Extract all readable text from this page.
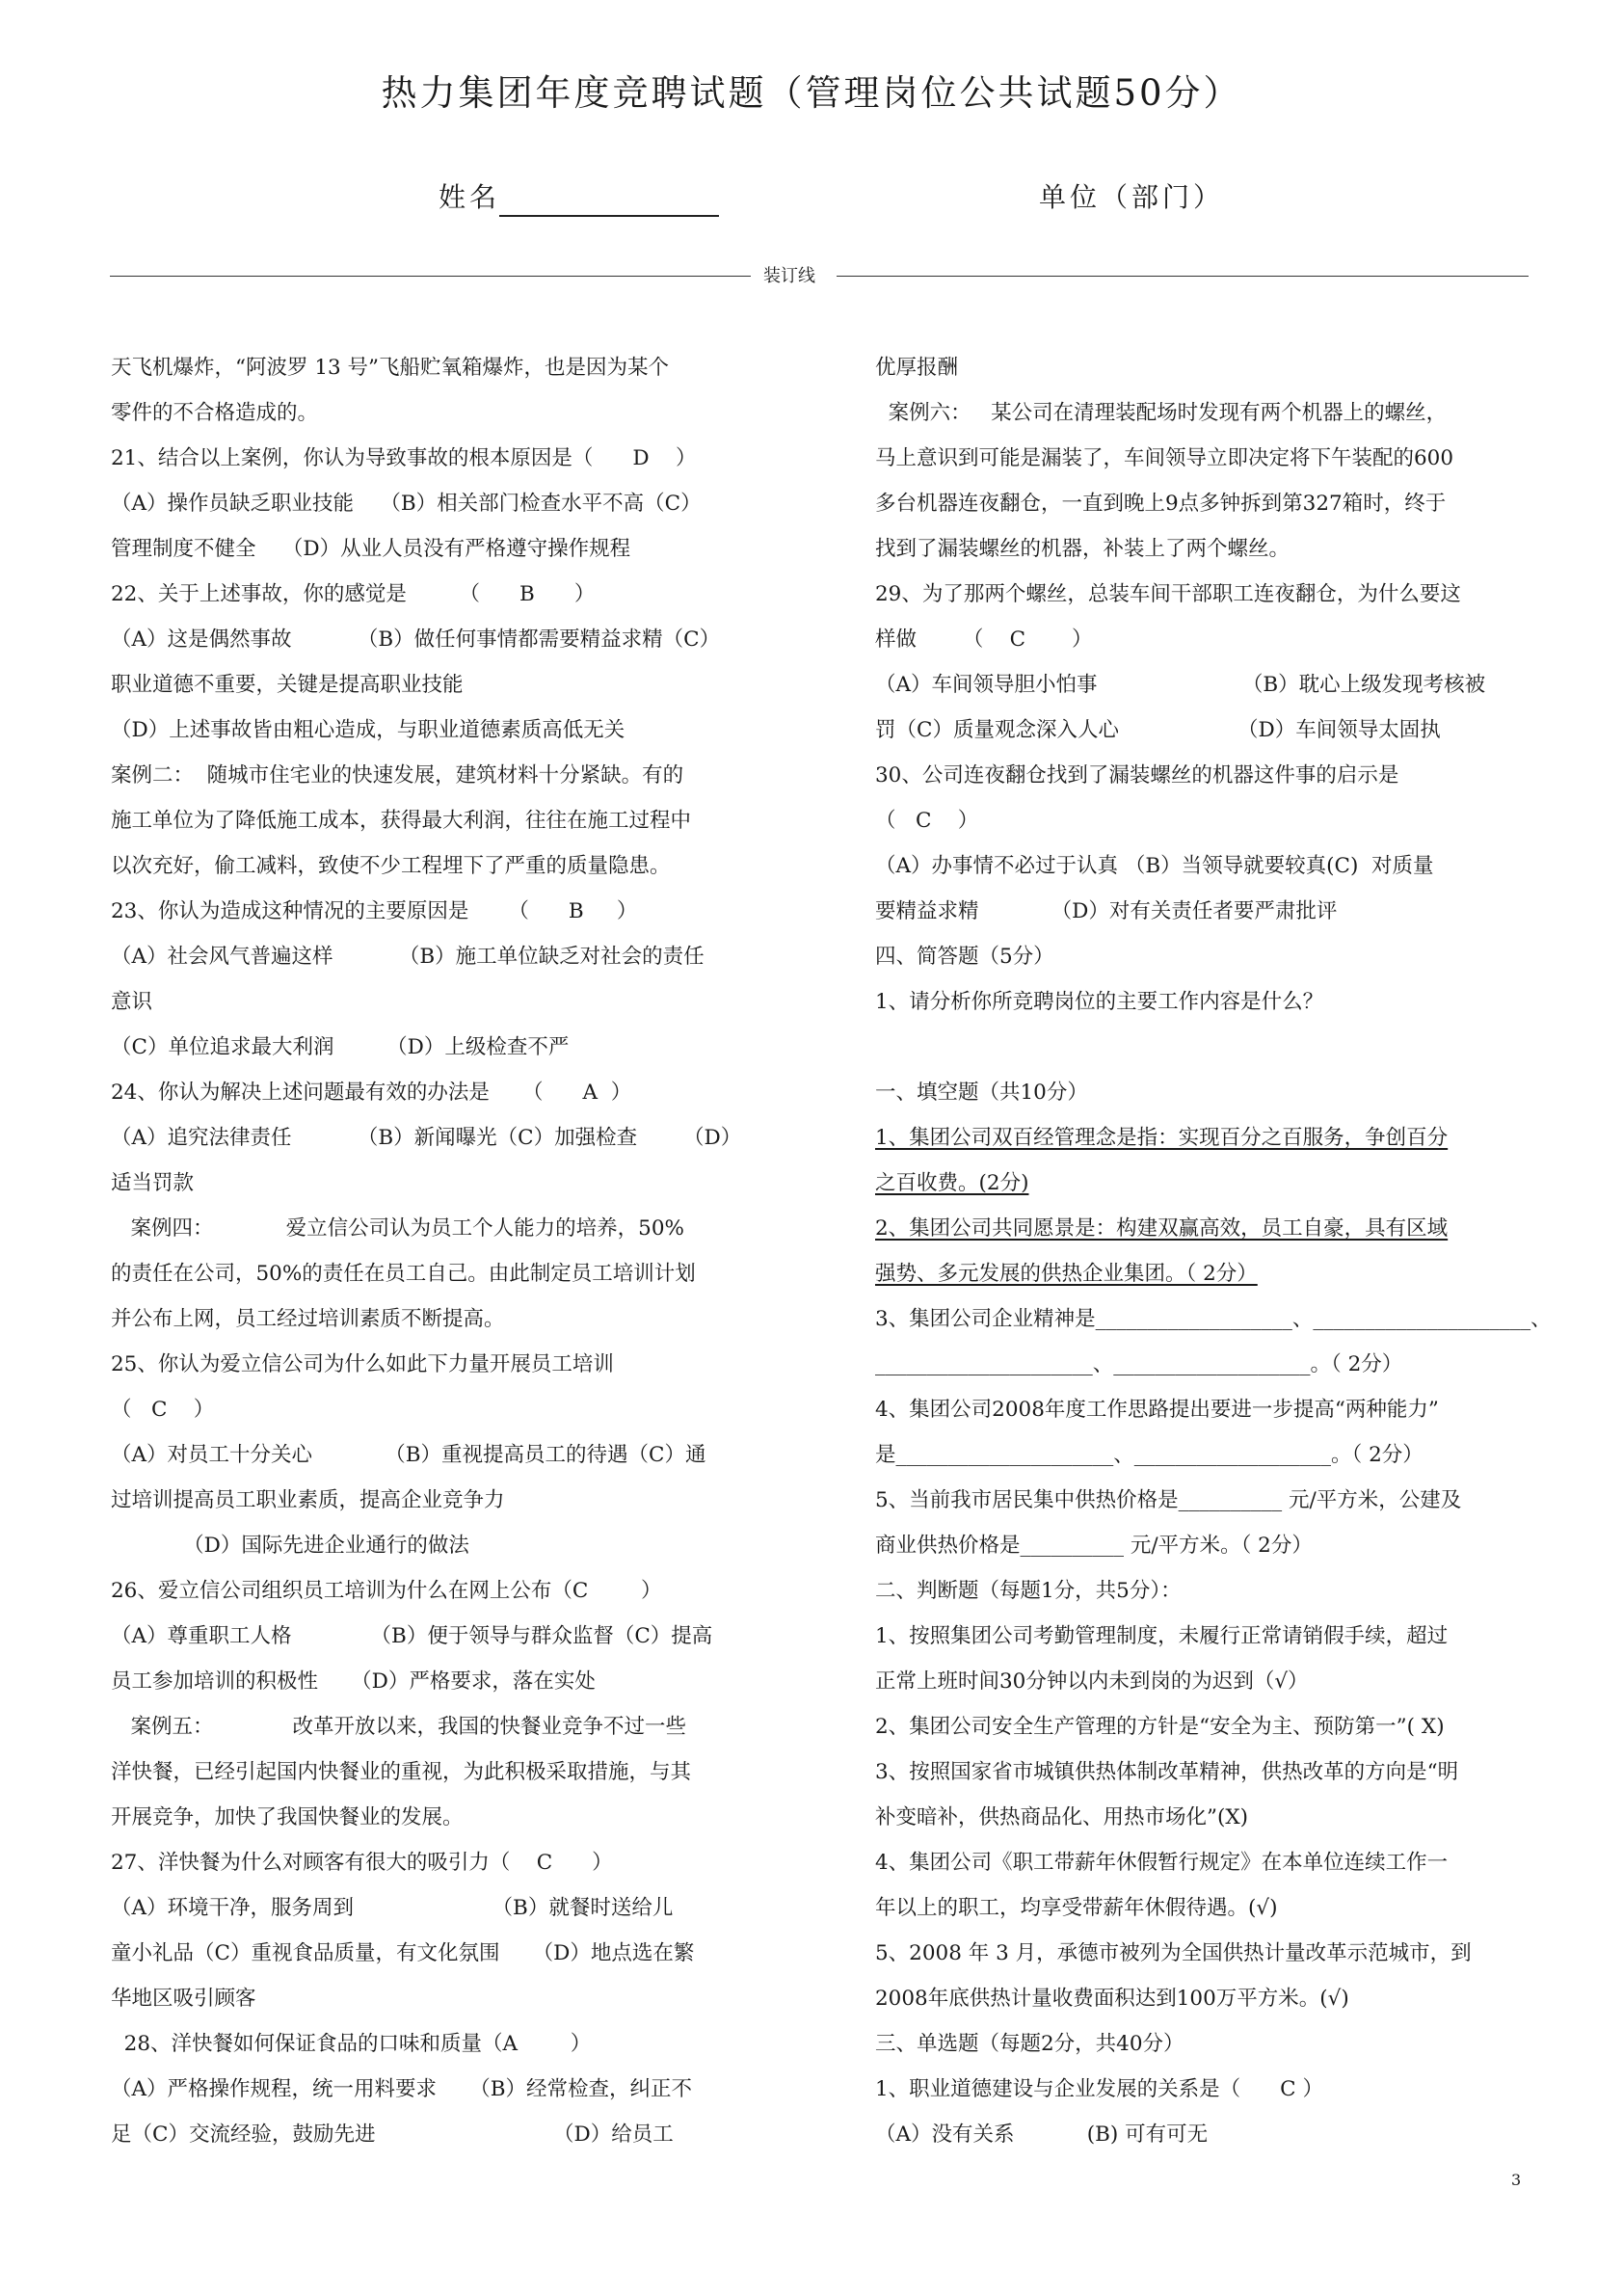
热力集团年度竞聘试题（管理岗位公共试题50分）
姓名	单位（部门）
装订线
天飞机爆炸，“阿波罗 13 号”飞船贮氧箱爆炸，也是因为某个
零件的不合格造成的。
21、结合以上案例，你认为导致事故的根本原因是（      D    ）
（A）操作员缺乏职业技能    （B）相关部门检查水平不高（C）
管理制度不健全    （D）从业人员没有严格遵守操作规程
22、关于上述事故，你的感觉是        （      B      ）
（A）这是偶然事故          （B）做任何事情都需要精益求精（C）
职业道德不重要，关键是提高职业技能
（D）上述事故皆由粗心造成，与职业道德素质高低无关
案例二：  随城市住宅业的快速发展，建筑材料十分紧缺。有的
施工单位为了降低施工成本，获得最大利润，往往在施工过程中
以次充好，偷工减料，致使不少工程埋下了严重的质量隐患。
23、你认为造成这种情况的主要原因是      （      B     ）
（A）社会风气普遍这样          （B）施工单位缺乏对社会的责任
意识
（C）单位追求最大利润        （D）上级检查不严
24、你认为解决上述问题最有效的办法是     （      A  ）
（A）追究法律责任          （B）新闻曝光（C）加强检查       （D）
适当罚款
案例四：           爱立信公司认为员工个人能力的培养，50%
的责任在公司，50%的责任在员工自己。由此制定员工培训计划
并公布上网，员工经过培训素质不断提高。
25、你认为爱立信公司为什么如此下力量开展员工培训
（   C    ）
（A）对员工十分关心           （B）重视提高员工的待遇（C）通
过培训提高员工职业素质，提高企业竞争力
（D）国际先进企业通行的做法
26、爱立信公司组织员工培训为什么在网上公布（C        ）
（A）尊重职工人格            （B）便于领导与群众监督（C）提高
员工参加培训的积极性     （D）严格要求，落在实处
案例五：            改革开放以来，我国的快餐业竞争不过一些
洋快餐，已经引起国内快餐业的重视，为此积极采取措施，与其
开展竞争，加快了我国快餐业的发展。
27、洋快餐为什么对顾客有很大的吸引力（    C      ）
（A）环境干净，服务周到                     （B）就餐时送给儿
童小礼品（C）重视食品质量，有文化氛围     （D）地点选在繁
华地区吸引顾客
28、洋快餐如何保证食品的口味和质量（A        ）
（A）严格操作规程，统一用料要求     （B）经常检查，纠正不
足（C）交流经验，鼓励先进                           （D）给员工
优厚报酬
案例六：   某公司在清理装配场时发现有两个机器上的螺丝，
马上意识到可能是漏装了，车间领导立即决定将下午装配的600
多台机器连夜翻仓，一直到晚上9点多钟拆到第327箱时，终于
找到了漏装螺丝的机器，补装上了两个螺丝。
29、为了那两个螺丝，总装车间干部职工连夜翻仓，为什么要这
样做       （    C       ）
（A）车间领导胆小怕事                      （B）耽心上级发现考核被
罚（C）质量观念深入人心                  （D）车间领导太固执
30、公司连夜翻仓找到了漏装螺丝的机器这件事的启示是
（   C    ）
（A）办事情不必过于认真 （B）当领导就要较真(C)  对质量
要精益求精           （D）对有关责任者要严肃批评
四、简答题（5分）
1、请分析你所竞聘岗位的主要工作内容是什么？
一、填空题（共10分）
1、集团公司双百经管理念是指：实现百分之百服务，争创百分
之百收费。(2分)
2、集团公司共同愿景是：构建双赢高效，员工自豪，具有区域
强势、多元发展的供热企业集团。（ 2分）
3、集团公司企业精神是___________________、_____________________、
_____________________、___________________。（ 2分）
4、集团公司2008年度工作思路提出要进一步提高“两种能力”
是_____________________、___________________。（ 2分）
5、当前我市居民集中供热价格是__________ 元/平方米，公建及
商业供热价格是__________ 元/平方米。（ 2分）
二、判断题（每题1分，共5分）：
1、按照集团公司考勤管理制度，未履行正常请销假手续，超过
正常上班时间30分钟以内未到岗的为迟到（√）
2、集团公司安全生产管理的方针是“安全为主、预防第一”( X)
3、按照国家省市城镇供热体制改革精神，供热改革的方向是“明
补变暗补，供热商品化、用热市场化”(X)
4、集团公司《职工带薪年休假暂行规定》在本单位连续工作一
年以上的职工，均享受带薪年休假待遇。(√)
5、2008 年 3 月，承德市被列为全国供热计量改革示范城市，到
2008年底供热计量收费面积达到100万平方米。(√)
三、单选题（每题2分，共40分）
1、职业道德建设与企业发展的关系是（      C ）
（A）没有关系           (B) 可有可无
3
